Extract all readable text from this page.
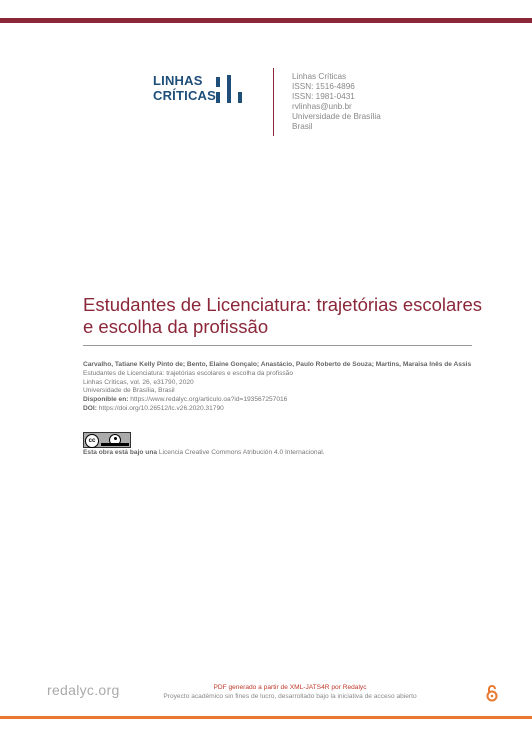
LINHAS
CRÍTICAS
Linhas Críticas
ISSN: 1516-4896
ISSN: 1981-0431
rvlinhas@unb.br
Universidade de Brasília
Brasil
Estudantes de Licenciatura: trajetórias escolares e escolha da profissão
Carvalho, Tatiane Kelly Pinto de; Bento, Elaine Gonçalo; Anastácio, Paulo Roberto de Souza; Martins, Maraisa Inês de Assis
Estudantes de Licenciatura: trajetórias escolares e escolha da profissão
Linhas Críticas, vol. 26, e31790, 2020
Universidade de Brasília, Brasil
Disponible en: https://www.redalyc.org/articulo.oa?id=193567257016
DOI: https://doi.org/10.26512/lc.v26.2020.31790
cc
Esta obra está bajo una Licencia Creative Commons Atribución 4.0 Internacional.
redalyc.org	PDF generado a partir de XML-JATS4R por Redalyc
Proyecto académico sin fines de lucro, desarrollado bajo la iniciativa de acceso abierto
